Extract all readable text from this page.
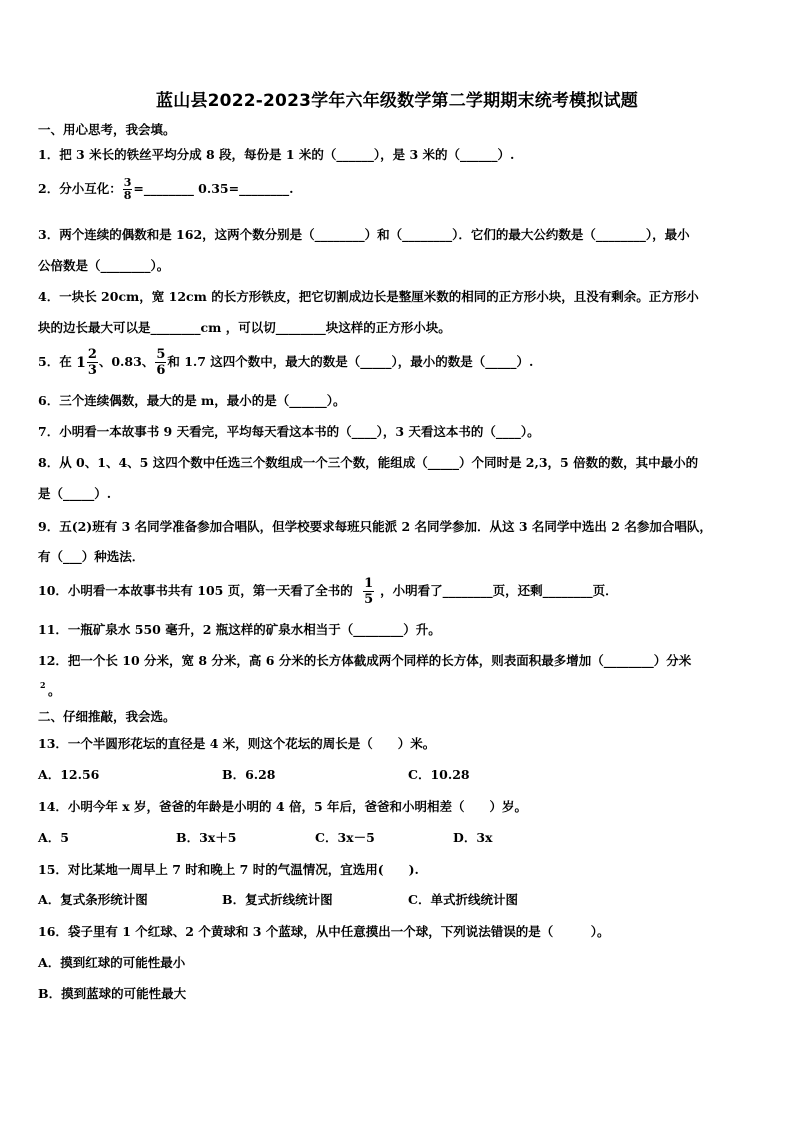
蓝山县2022-2023学年六年级数学第二学期期末统考模拟试题
一、用心思考，我会填。
1．把 3 米长的铁丝平均分成 8 段，每份是 1 米的（______），是 3 米的（______）.
2．分小互化： $\frac{3}{8}$ =________ 0.35=________.
3．两个连续的偶数和是 162，这两个数分别是（________）和（________）．它们的最大公约数是（________），最小
公倍数是（________）。
4．一块长 20cm，宽 12cm 的长方形铁皮，把它切割成边长是整厘米数的相同的正方形小块，且没有剩余。正方形小
块的边长最大可以是________cm ，可以切________块这样的正方形小块。
5．在 $1 \frac{2}{3}$ 、0.83、 $\frac{5}{6}$ 和 1.7 这四个数中，最大的数是（_____），最小的数是（_____）.
6．三个连续偶数，最大的是 m，最小的是（______）。
7．小明看一本故事书 9 天看完，平均每天看这本书的（____），3 天看这本书的（____）。
8．从 0、1、4、5 这四个数中任选三个数组成一个三个数，能组成（_____）个同时是 2,3，5 倍数的数，其中最小的
是（_____）.
9．五(2)班有 3 名同学准备参加合唱队，但学校要求每班只能派 2 名同学参加．从这 3 名同学中选出 2 名参加合唱队，
有（___）种选法．
10．小明看一本故事书共有 105 页，第一天看了全书的 $\frac{1}{5}$ ，小明看了________页，还剩________页．
11．一瓶矿泉水 550 毫升，2 瓶这样的矿泉水相当于（________）升。
12．把一个长 10 分米，宽 8 分米，高 6 分米的长方体截成两个同样的长方体，则表面积最多增加（________）分米
2 。
二、仔细推敲，我会选。
13．一个半圆形花坛的直径是 4 米，则这个花坛的周长是（　　）米。
A．12.56	B．6.28	C．10.28
14．小明今年 x 岁，爸爸的年龄是小明的 4 倍，5 年后，爸爸和小明相差（　　）岁。
A．5	B．3x＋5	C．3x－5	D．3x
15．对比某地一周早上 7 时和晚上 7 时的气温情况，宜选用(　　).
A．复式条形统计图	B．复式折线统计图	C．单式折线统计图
16．袋子里有 1 个红球、2 个黄球和 3 个蓝球，从中任意摸出一个球，下列说法错误的是（　　　）。
A．摸到红球的可能性最小
B．摸到蓝球的可能性最大
